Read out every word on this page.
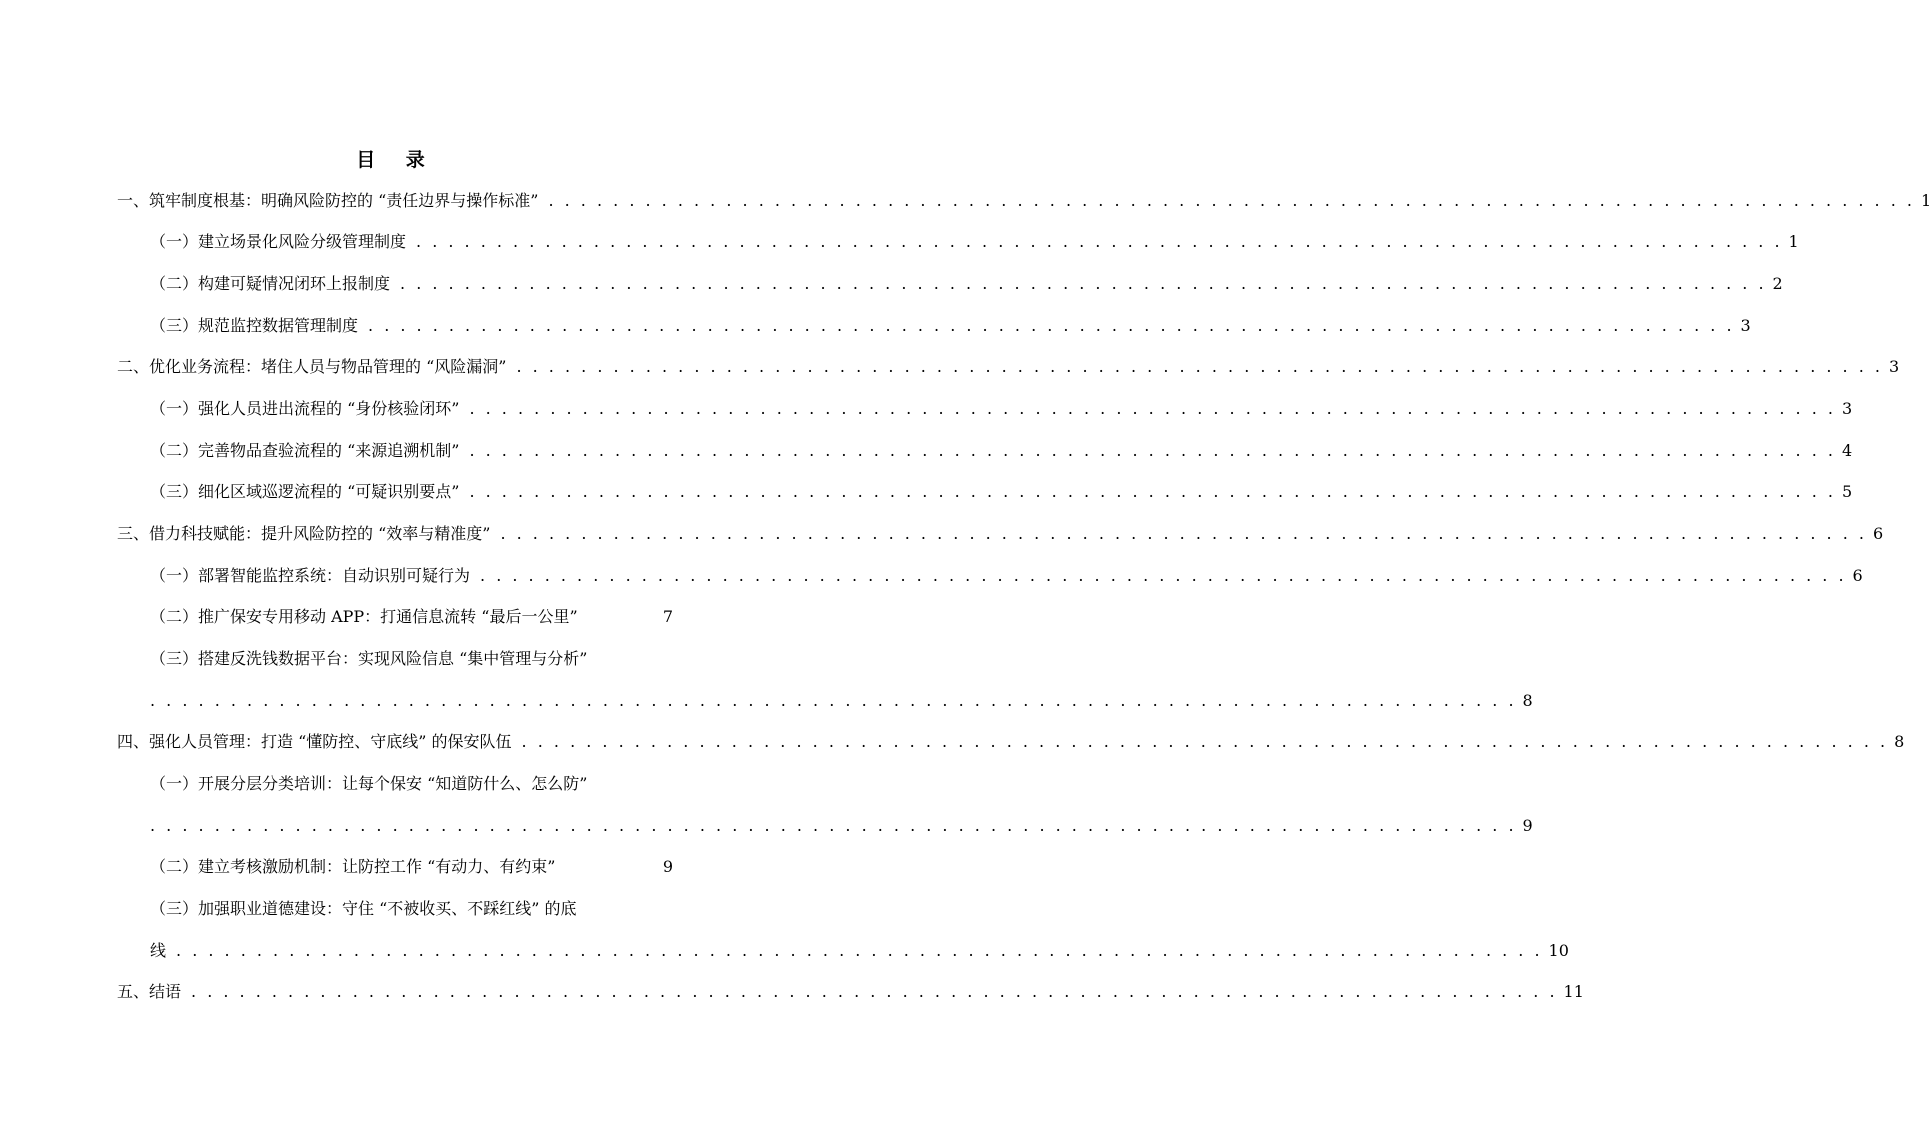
目 录
一、筑牢制度根基：明确风险防控的 “责任边界与操作标准” . . . . . . . . . . . . . . . . . . . . . . . . . . . . . . . . . . . . . . . . . . . . . . . . . . . . . . . . . . . . . . . . . . . . . . . . . . . . . . . . . . . . . 1
（一）建立场景化风险分级管理制度 . . . . . . . . . . . . . . . . . . . . . . . . . . . . . . . . . . . . . . . . . . . . . . . . . . . . . . . . . . . . . . . . . . . . . . . . . . . . . . . . . . . . . 1
（二）构建可疑情况闭环上报制度 . . . . . . . . . . . . . . . . . . . . . . . . . . . . . . . . . . . . . . . . . . . . . . . . . . . . . . . . . . . . . . . . . . . . . . . . . . . . . . . . . . . . . 2
（三）规范监控数据管理制度 . . . . . . . . . . . . . . . . . . . . . . . . . . . . . . . . . . . . . . . . . . . . . . . . . . . . . . . . . . . . . . . . . . . . . . . . . . . . . . . . . . . . . 3
二、优化业务流程：堵住人员与物品管理的 “风险漏洞” . . . . . . . . . . . . . . . . . . . . . . . . . . . . . . . . . . . . . . . . . . . . . . . . . . . . . . . . . . . . . . . . . . . . . . . . . . . . . . . . . . . . . 3
（一）强化人员进出流程的 “身份核验闭环” . . . . . . . . . . . . . . . . . . . . . . . . . . . . . . . . . . . . . . . . . . . . . . . . . . . . . . . . . . . . . . . . . . . . . . . . . . . . . . . . . . . . . 3
（二）完善物品查验流程的 “来源追溯机制” . . . . . . . . . . . . . . . . . . . . . . . . . . . . . . . . . . . . . . . . . . . . . . . . . . . . . . . . . . . . . . . . . . . . . . . . . . . . . . . . . . . . . 4
（三）细化区域巡逻流程的 “可疑识别要点” . . . . . . . . . . . . . . . . . . . . . . . . . . . . . . . . . . . . . . . . . . . . . . . . . . . . . . . . . . . . . . . . . . . . . . . . . . . . . . . . . . . . . 5
三、借力科技赋能：提升风险防控的 “效率与精准度” . . . . . . . . . . . . . . . . . . . . . . . . . . . . . . . . . . . . . . . . . . . . . . . . . . . . . . . . . . . . . . . . . . . . . . . . . . . . . . . . . . . . . 6
（一）部署智能监控系统：自动识别可疑行为 . . . . . . . . . . . . . . . . . . . . . . . . . . . . . . . . . . . . . . . . . . . . . . . . . . . . . . . . . . . . . . . . . . . . . . . . . . . . . . . . . . . . . 6
（二）推广保安专用移动 APP：打通信息流转 “最后一公里”	7
（三）搭建反洗钱数据平台：实现风险信息 “集中管理与分析”
. . . . . . . . . . . . . . . . . . . . . . . . . . . . . . . . . . . . . . . . . . . . . . . . . . . . . . . . . . . . . . . . . . . . . . . . . . . . . . . . . . . . . 8
四、强化人员管理：打造 “懂防控、守底线” 的保安队伍 . . . . . . . . . . . . . . . . . . . . . . . . . . . . . . . . . . . . . . . . . . . . . . . . . . . . . . . . . . . . . . . . . . . . . . . . . . . . . . . . . . . . . 8
（一）开展分层分类培训：让每个保安 “知道防什么、怎么防”
. . . . . . . . . . . . . . . . . . . . . . . . . . . . . . . . . . . . . . . . . . . . . . . . . . . . . . . . . . . . . . . . . . . . . . . . . . . . . . . . . . . . . 9
（二）建立考核激励机制：让防控工作 “有动力、有约束”	9
（三）加强职业道德建设：守住 “不被收买、不踩红线” 的底
线 . . . . . . . . . . . . . . . . . . . . . . . . . . . . . . . . . . . . . . . . . . . . . . . . . . . . . . . . . . . . . . . . . . . . . . . . . . . . . . . . . . . . . 10
五、结语 . . . . . . . . . . . . . . . . . . . . . . . . . . . . . . . . . . . . . . . . . . . . . . . . . . . . . . . . . . . . . . . . . . . . . . . . . . . . . . . . . . . . . 11
